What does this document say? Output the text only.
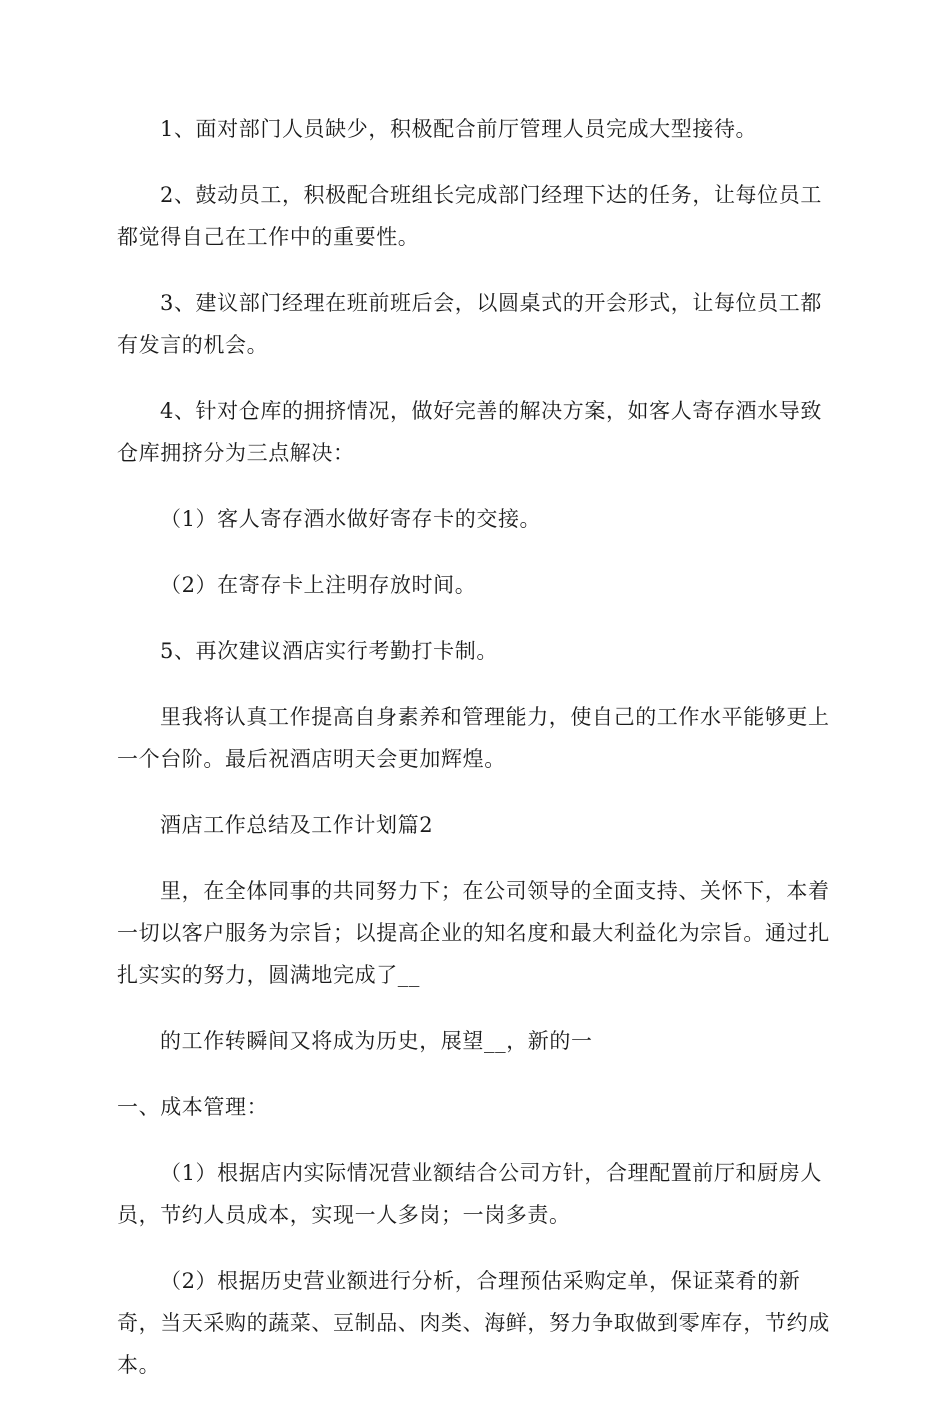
1、面对部门人员缺少，积极配合前厅管理人员完成大型接待。

2、鼓动员工，积极配合班组长完成部门经理下达的任务，让每位员工都觉得自己在工作中的重要性。

3、建议部门经理在班前班后会，以圆桌式的开会形式，让每位员工都有发言的机会。

4、针对仓库的拥挤情况，做好完善的解决方案，如客人寄存酒水导致仓库拥挤分为三点解决：

（1）客人寄存酒水做好寄存卡的交接。

（2）在寄存卡上注明存放时间。

5、再次建议酒店实行考勤打卡制。

里我将认真工作提高自身素养和管理能力，使自己的工作水平能够更上一个台阶。最后祝酒店明天会更加辉煌。

酒店工作总结及工作计划篇2

里，在全体同事的共同努力下；在公司领导的全面支持、关怀下，本着一切以客户服务为宗旨；以提高企业的知名度和最大利益化为宗旨。通过扎扎实实的努力，圆满地完成了__

的工作转瞬间又将成为历史，展望__，新的一

一、成本管理：

（1）根据店内实际情况营业额结合公司方针，合理配置前厅和厨房人员，节约人员成本，实现一人多岗；一岗多责。

（2）根据历史营业额进行分析，合理预估采购定单，保证菜肴的新奇，当天采购的蔬菜、豆制品、肉类、海鲜，努力争取做到零库存，节约成本。
